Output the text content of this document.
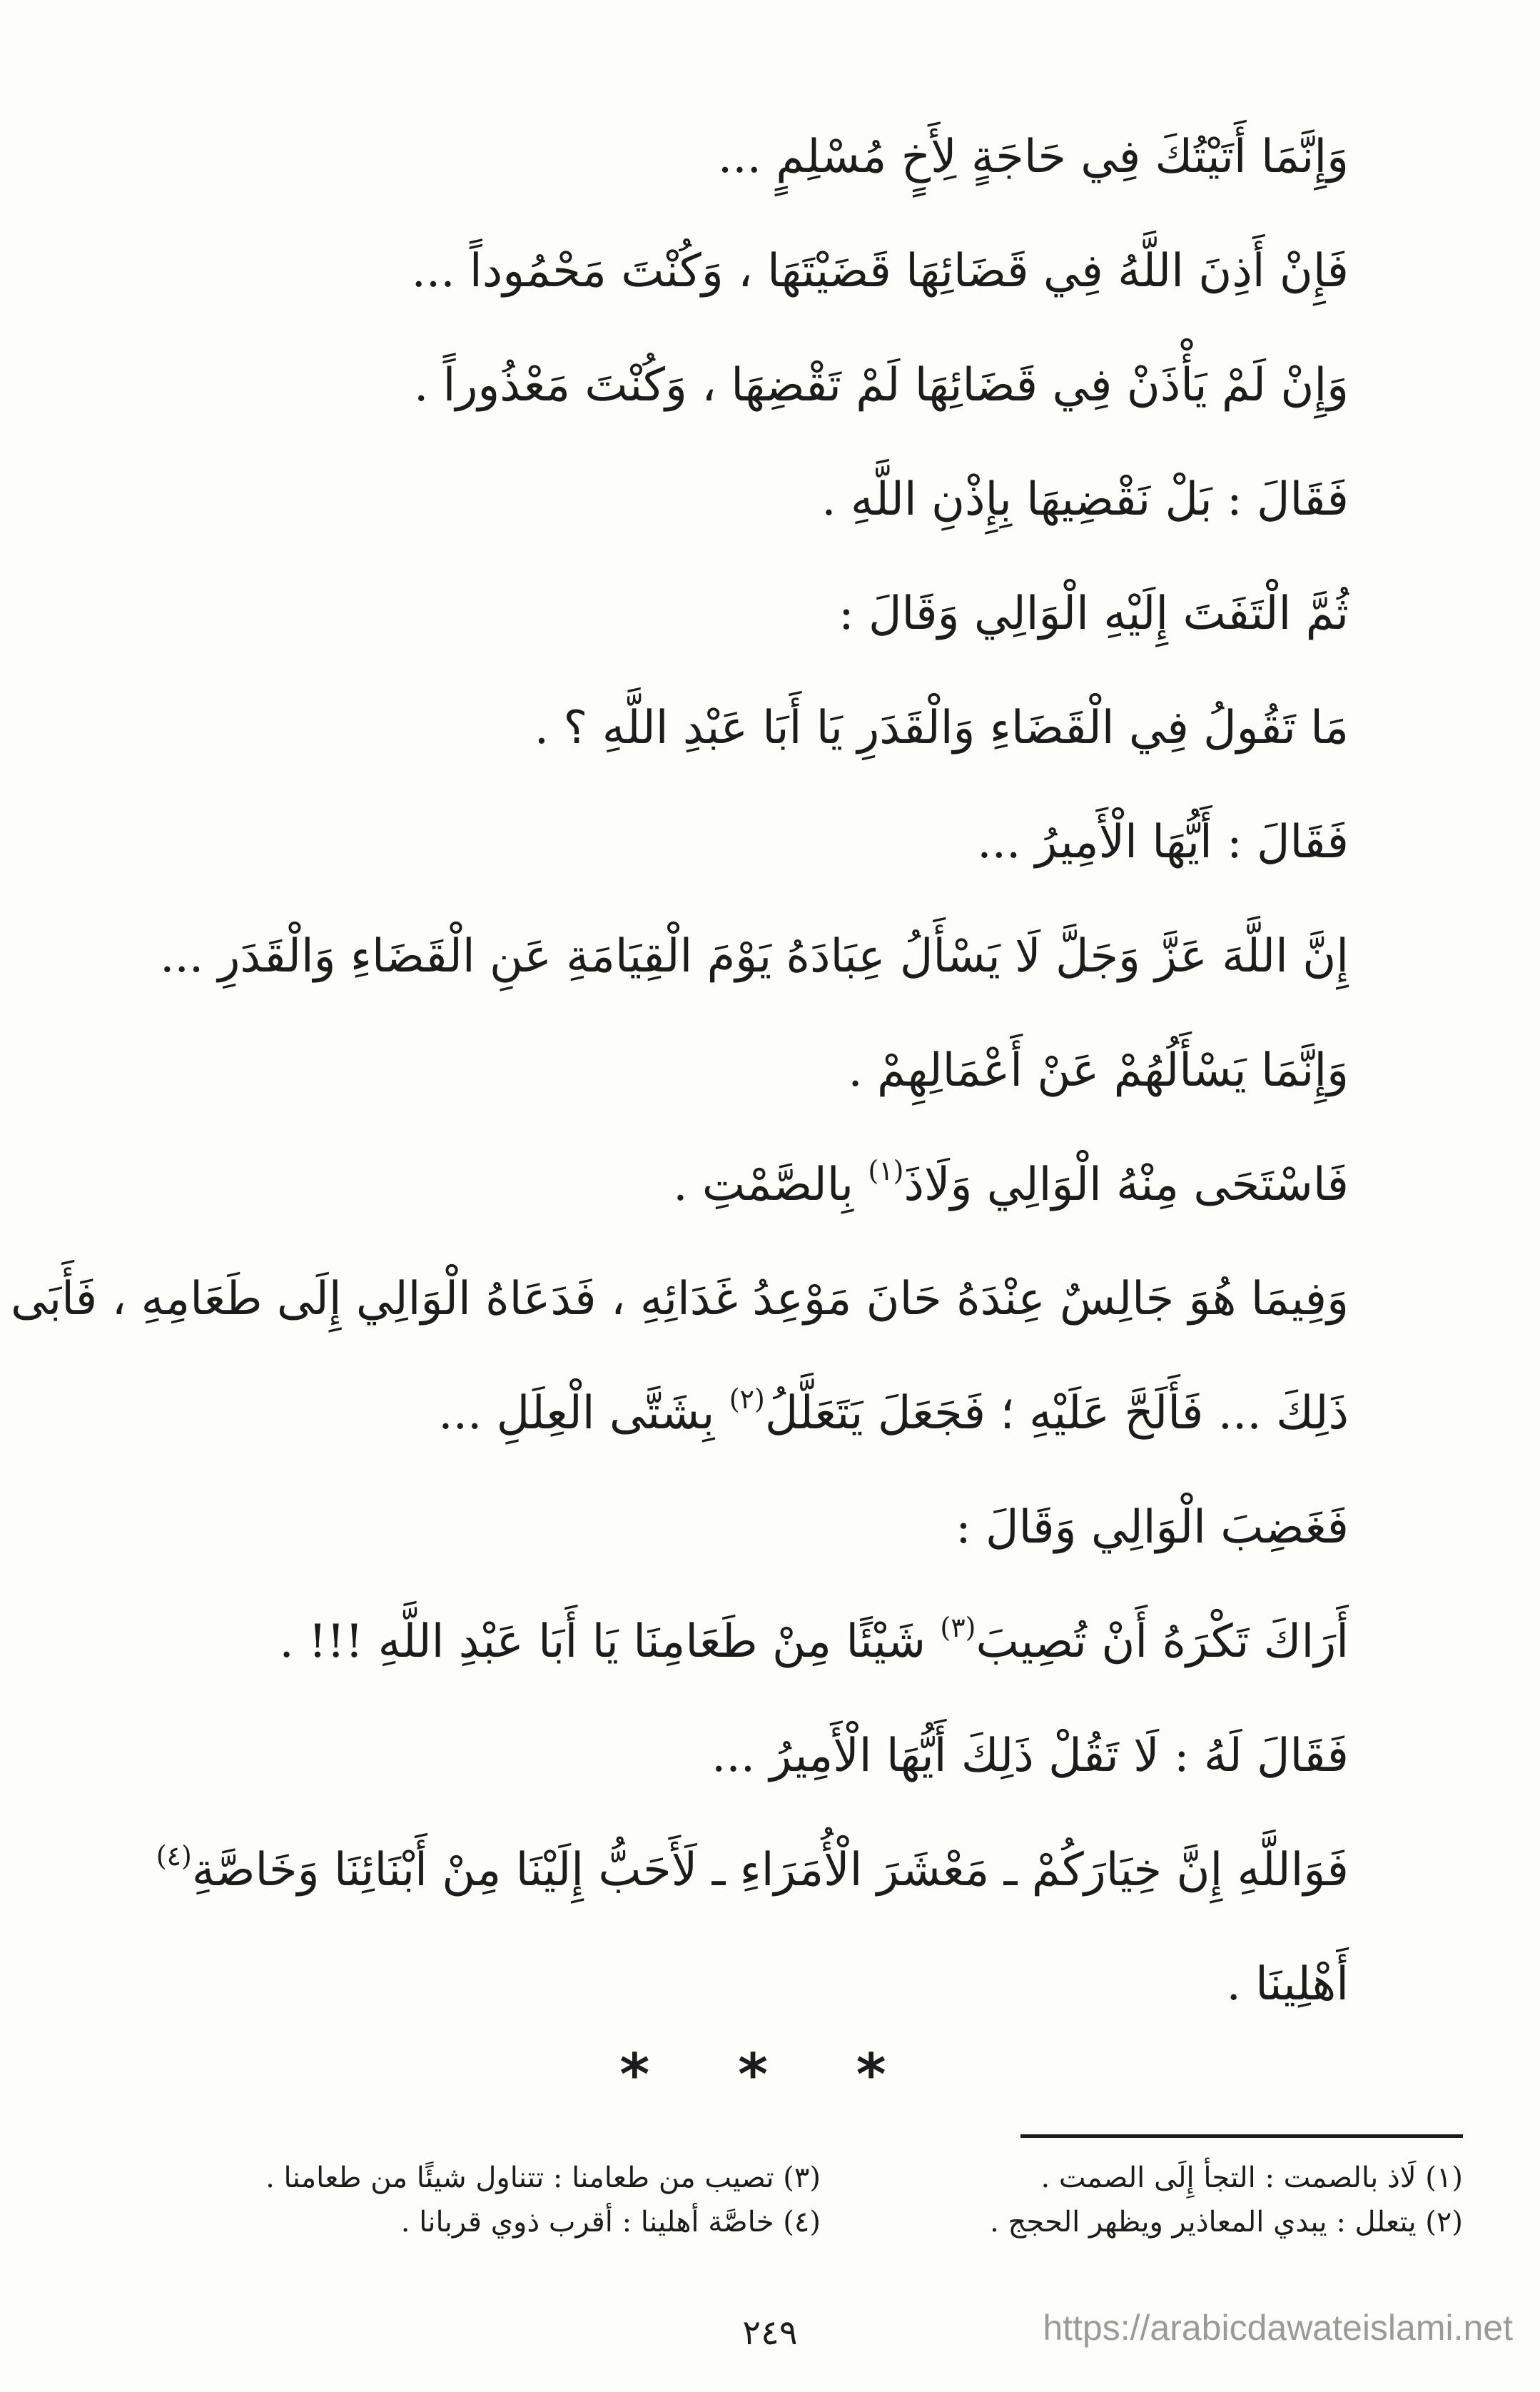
وَإِنَّمَا أَتَيْتُكَ فِي حَاجَةٍ لِأَخٍ مُسْلِمٍ ...
فَإِنْ أَذِنَ اللَّهُ فِي قَضَائِهَا قَضَيْتَهَا ، وَكُنْتَ مَحْمُوداً ...
وَإِنْ لَمْ يَأْذَنْ فِي قَضَائِهَا لَمْ تَقْضِهَا ، وَكُنْتَ مَعْذُوراً .
فَقَالَ : بَلْ نَقْضِيهَا بِإِذْنِ اللَّهِ .
ثُمَّ الْتَفَتَ إِلَيْهِ الْوَالِي وَقَالَ :
مَا تَقُولُ فِي الْقَضَاءِ وَالْقَدَرِ يَا أَبَا عَبْدِ اللَّهِ ؟ .
فَقَالَ : أَيُّهَا الْأَمِيرُ ...
إِنَّ اللَّهَ عَزَّ وَجَلَّ لَا يَسْأَلُ عِبَادَهُ يَوْمَ الْقِيَامَةِ عَنِ الْقَضَاءِ وَالْقَدَرِ ...
وَإِنَّمَا يَسْأَلُهُمْ عَنْ أَعْمَالِهِمْ .
فَاسْتَحَى مِنْهُ الْوَالِي وَلَاذَ$^{(١)}$ بِالصَّمْتِ .
وَفِيمَا هُوَ جَالِسٌ عِنْدَهُ حَانَ مَوْعِدُ غَدَائِهِ ، فَدَعَاهُ الْوَالِي إِلَى طَعَامِهِ ، فَأَبَى
ذَلِكَ ... فَأَلَحَّ عَلَيْهِ ؛ فَجَعَلَ يَتَعَلَّلُ$^{(٢)}$ بِشَتَّى الْعِلَلِ ...
فَغَضِبَ الْوَالِي وَقَالَ :
أَرَاكَ تَكْرَهُ أَنْ تُصِيبَ$^{(٣)}$ شَيْئًا مِنْ طَعَامِنَا يَا أَبَا عَبْدِ اللَّهِ !!! .
فَقَالَ لَهُ : لَا تَقُلْ ذَلِكَ أَيُّهَا الْأَمِيرُ ...
فَوَاللَّهِ إِنَّ خِيَارَكُمْ ـ مَعْشَرَ الْأُمَرَاءِ ـ لَأَحَبُّ إِلَيْنَا مِنْ أَبْنَائِنَا وَخَاصَّةِ$^{(٤)}$
أَهْلِينَا .
* * *
(١) لَاذ بالصمت : التجأ إِلَى الصمت .
(٢) يتعلل : يبدي المعاذير ويظهر الحجج .
(٣) تصيب من طعامنا : تتناول شيئًا من طعامنا .
(٤) خاصَّة أهلينا : أقرب ذوي قربانا .
٢٤٩	https://arabicdawateislami.net
